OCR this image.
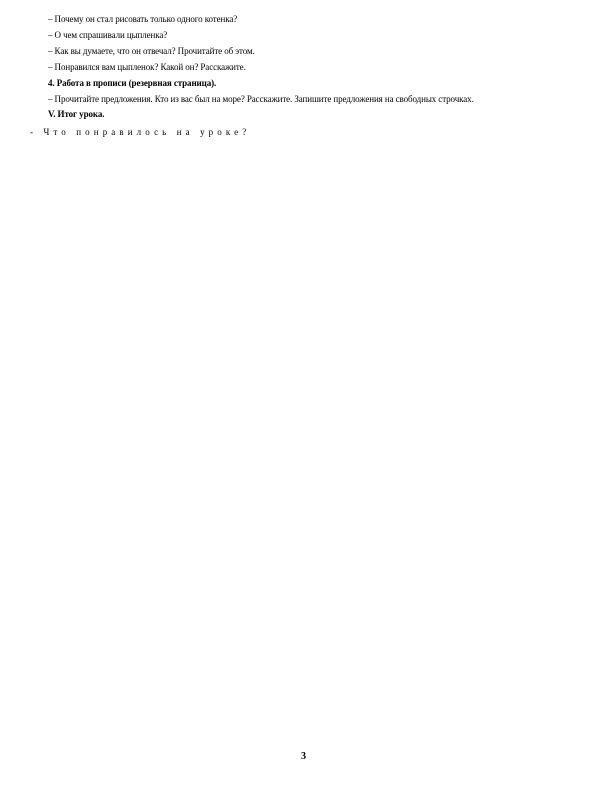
– Почему он стал рисовать только одного котенка?
– О чем спрашивали цыпленка?
– Как вы думаете, что он отвечал? Прочитайте об этом.
– Понравился вам цыпленок? Какой он? Расскажите.
4. Работа в прописи (резервная страница).
– Прочитайте предложения. Кто из вас был на море? Расскажите. Запишите предложения на свободных строчках.
V. Итог урока.
- Что понравилось на уроке?
3
